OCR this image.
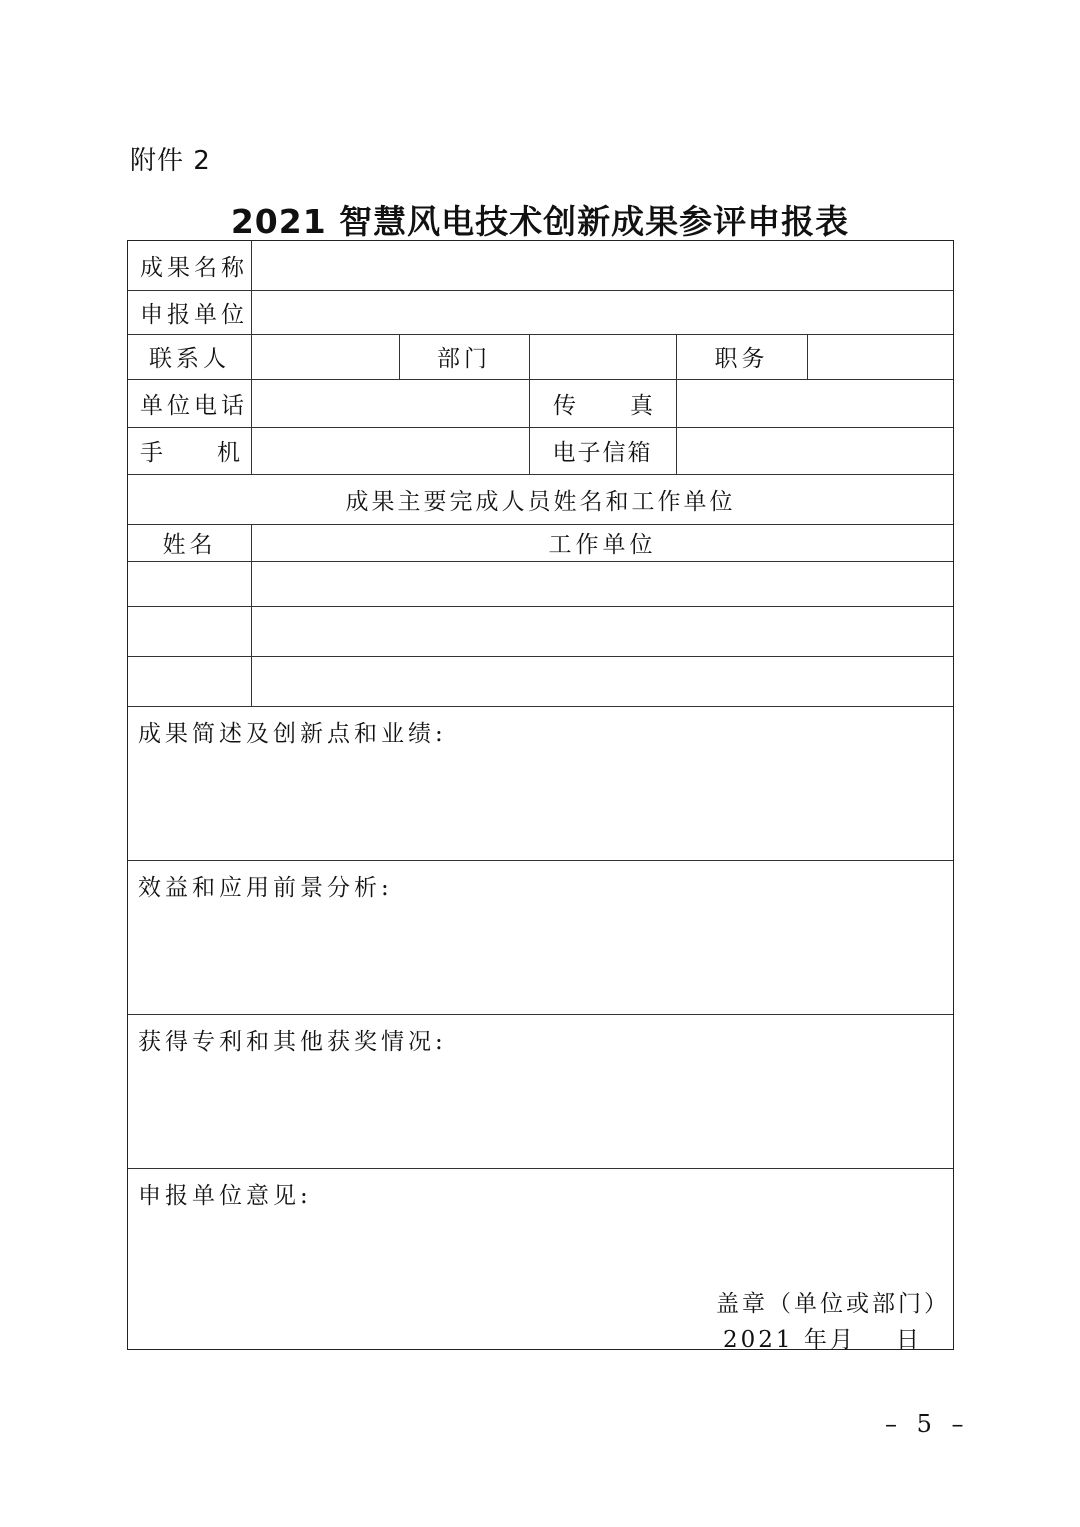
附件 2
2021 智慧风电技术创新成果参评申报表
成果名称
申报单位
联系人	部门	职务
单位电话	传 真
手 机	电子信箱
成果主要完成人员姓名和工作单位
姓名	工作单位
成果简述及创新点和业绩:
效益和应用前景分析:
获得专利和其他获奖情况:
申报单位意见:
盖章（单位或部门）
2021 年 月 日
– 5 –
